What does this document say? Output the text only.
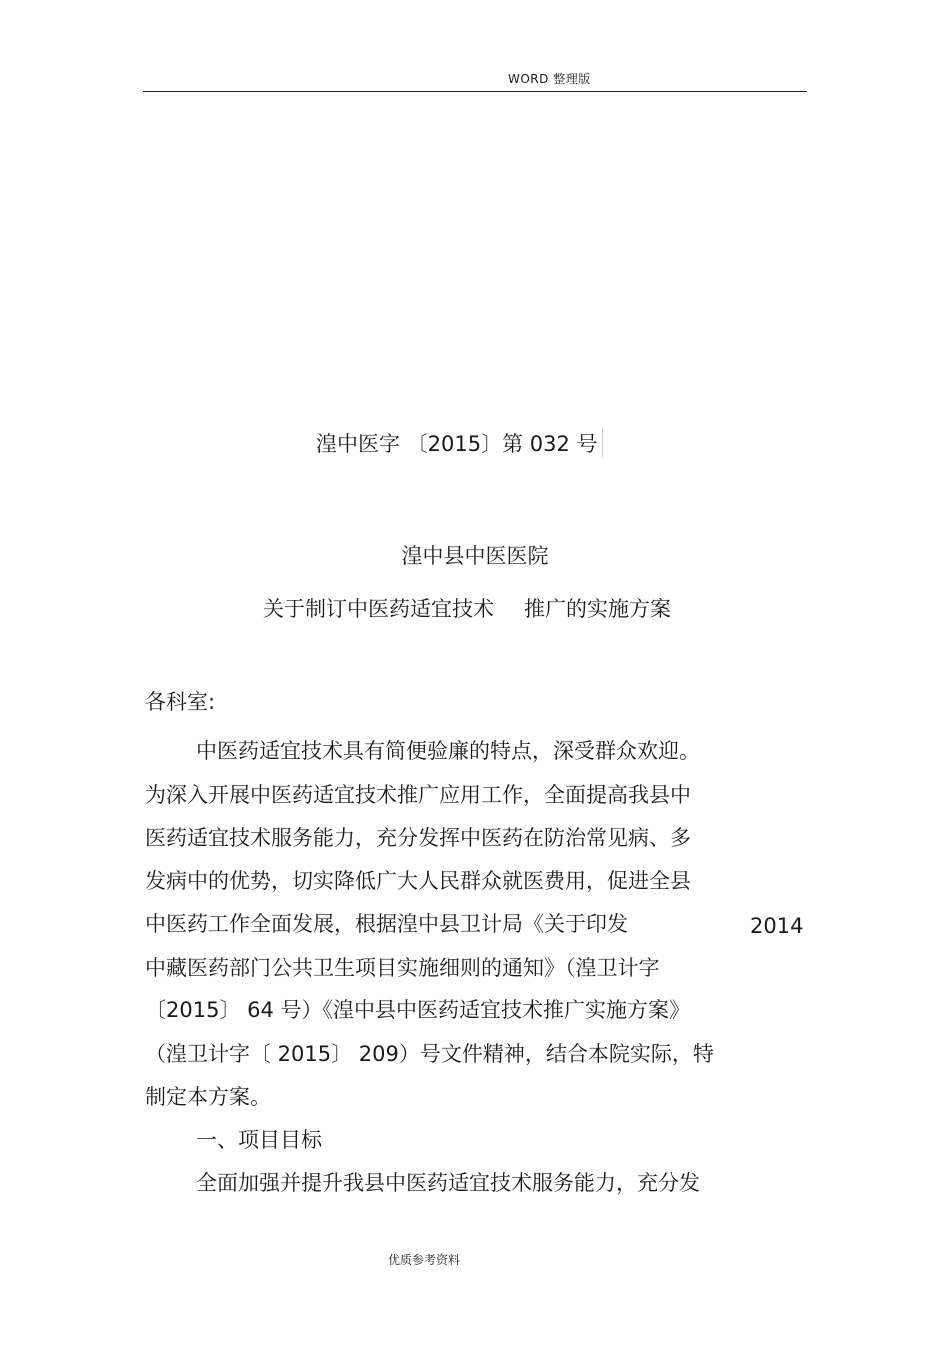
WORD 整理版
湟中医字 〔2015〕第 032 号
湟中县中医医院
关于制订中医药适宜技术 推广的实施方案
各科室:
中医药适宜技术具有简便验廉的特点，深受群众欢迎。
为深入开展中医药适宜技术推广应用工作，全面提高我县中
医药适宜技术服务能力，充分发挥中医药在防治常见病、多
发病中的优势，切实降低广大人民群众就医费用，促进全县
中医药工作全面发展，根据湟中县卫计局《关于印发	2014
中藏医药部门公共卫生项目实施细则的通知》（湟卫计字
〔2015〕 64 号）《湟中县中医药适宜技术推广实施方案》
（湟卫计字〔 2015〕 209）号文件精神，结合本院实际，特
制定本方案。
一、项目目标
全面加强并提升我县中医药适宜技术服务能力，充分发
优质参考资料
